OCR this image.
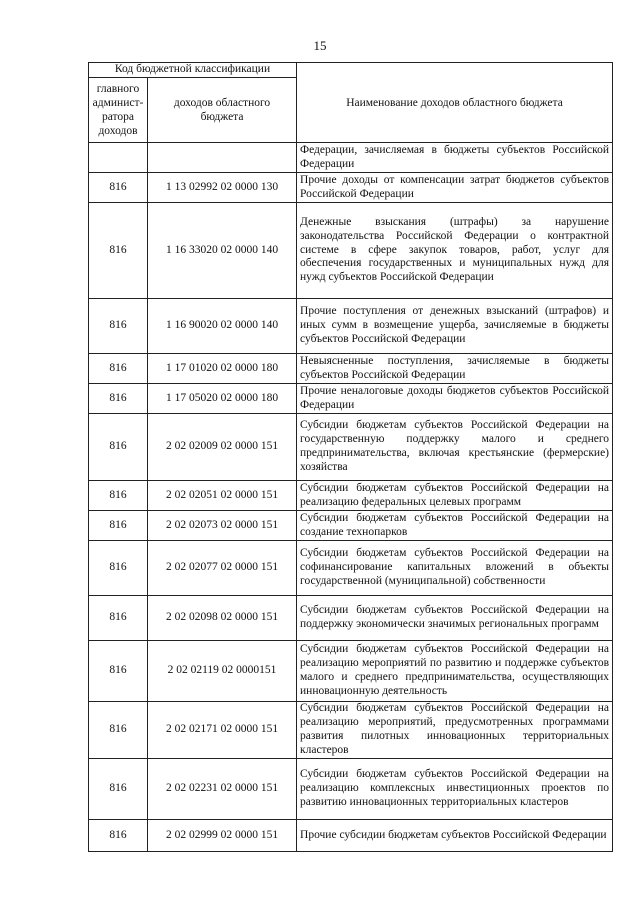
15
Код бюджетной классификации		Наименование доходов областного бюджета
главного админист-ратора доходов	доходов областного бюджета	
		Федерации, зачисляемая в бюджеты субъектов Российской Федерации
816	1 13 02992 02 0000 130	Прочие доходы от компенсации затрат бюджетов субъектов Российской Федерации
816	1 16 33020 02 0000 140	Денежные взыскания (штрафы) за нарушение законодательства Российской Федерации о контрактной системе в сфере закупок товаров, работ, услуг для обеспечения государственных и муниципальных нужд для нужд субъектов Российской Федерации
816	1 16 90020 02 0000 140	Прочие поступления от денежных взысканий (штрафов) и иных сумм в возмещение ущерба, зачисляемые в бюджеты субъектов Российской Федерации
816	1 17 01020 02 0000 180	Невыясненные поступления, зачисляемые в бюджеты субъектов Российской Федерации
816	1 17 05020 02 0000 180	Прочие неналоговые доходы бюджетов субъектов Российской Федерации
816	2 02 02009 02 0000 151	Субсидии бюджетам субъектов Российской Федерации на государственную поддержку малого и среднего предпринимательства, включая крестьянские (фермерские) хозяйства
816	2 02 02051 02 0000 151	Субсидии бюджетам субъектов Российской Федерации на реализацию федеральных целевых программ
816	2 02 02073 02 0000 151	Субсидии бюджетам субъектов Российской Федерации на создание технопарков
816	2 02 02077 02 0000 151	Субсидии бюджетам субъектов Российской Федерации на софинансирование капитальных вложений в объекты государственной (муниципальной) собственности
816	2 02 02098 02 0000 151	Субсидии бюджетам субъектов Российской Федерации на поддержку экономически значимых региональных программ
816	2 02 02119 02 0000151	Субсидии бюджетам субъектов Российской Федерации на реализацию мероприятий по развитию и поддержке субъектов малого и среднего предпринимательства, осуществляющих инновационную деятельность
816	2 02 02171 02 0000 151	Субсидии бюджетам субъектов Российской Федерации на реализацию мероприятий, предусмотренных программами развития пилотных инновационных территориальных кластеров
816	2 02 02231 02 0000 151	Субсидии бюджетам субъектов Российской Федерации на реализацию комплексных инвестиционных проектов по развитию инновационных территориальных кластеров
816	2 02 02999 02 0000 151	Прочие субсидии бюджетам субъектов Российской Федерации
